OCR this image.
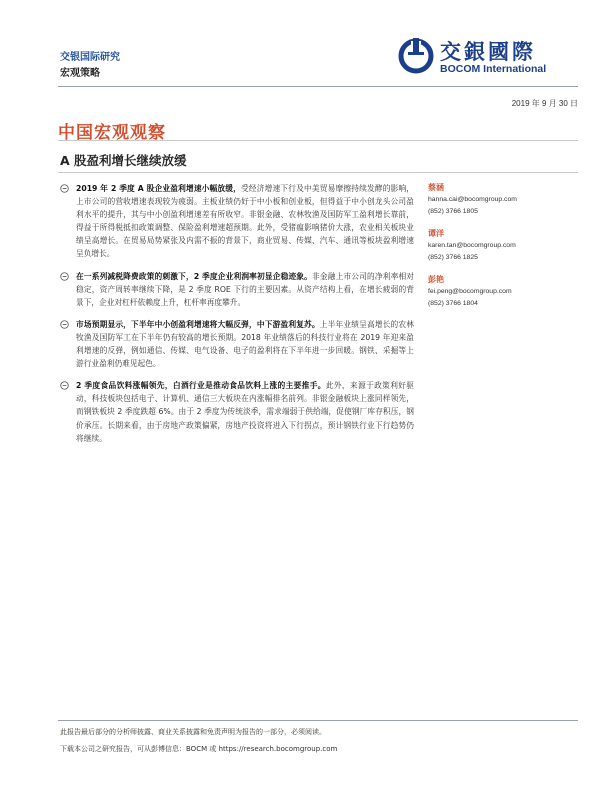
交银国际研究
宏观策略
交銀國際
BOCOM International
2019 年 9 月 30 日
中国宏观观察
A 股盈利增长继续放缓
2019 年 2 季度 A 股企业盈利增速小幅放缓，受经济增速下行及中美贸易摩擦持续发酵的影响，上市公司的营收增速表现较为疲弱。主板业绩仍好于中小板和创业板，但得益于中小创龙头公司盈利水平的提升，其与中小创盈利增速差有所收窄。非银金融、农林牧渔及国防军工盈利增长靠前，得益于所得税抵扣政策调整、保险盈利增速超预期。此外，受猪瘟影响猪价大涨，农业相关板块业绩呈高增长。在贸易局势紧张及内需不振的背景下，商业贸易、传媒、汽车、通讯等板块盈利增速呈负增长。
在一系列减税降费政策的刺激下，2 季度企业利润率初显企稳迹象。非金融上市公司的净利率相对稳定，资产周转率继续下降，是 2 季度 ROE 下行的主要因素。从资产结构上看，在增长疲弱的背景下，企业对杠杆依赖度上升，杠杆率再度攀升。
市场预期显示，下半年中小创盈利增速将大幅反弹，中下游盈利复苏。上半年业绩呈高增长的农林牧渔及国防军工在下半年仍有较高的增长预期。2018 年业绩落后的科技行业将在 2019 年迎来盈利增速的反弹，例如通信、传媒、电气设备、电子的盈利将在下半年进一步回暖。钢铁、采掘等上游行业盈利仍难见起色。
2 季度食品饮料涨幅领先，白酒行业是推动食品饮料上涨的主要推手。此外，来源于政策利好驱动，科技板块包括电子、计算机、通信三大板块在内涨幅排名前列。非银金融板块上涨同样领先，而钢铁板块 2 季度跌超 6%。由于 2 季度为传统淡季，需求端弱于供给端，促使钢厂库存积压，钢价承压。长期来看，由于房地产政策偏紧，房地产投资将进入下行拐点，预计钢铁行业下行趋势仍将继续。
蔡涵
hanna.cai@bocomgroup.com
(852) 3766 1805
谭洋
karen.tan@bocomgroup.com
(852) 3766 1825
彭艳
fei.peng@bocomgroup.com
(852) 3766 1804
此报告最后部分的分析师披露、商业关系披露和免责声明为报告的一部分，必须阅读。
下载本公司之研究报告，可从彭博信息：BOCM 或 https://research.bocomgroup.com
